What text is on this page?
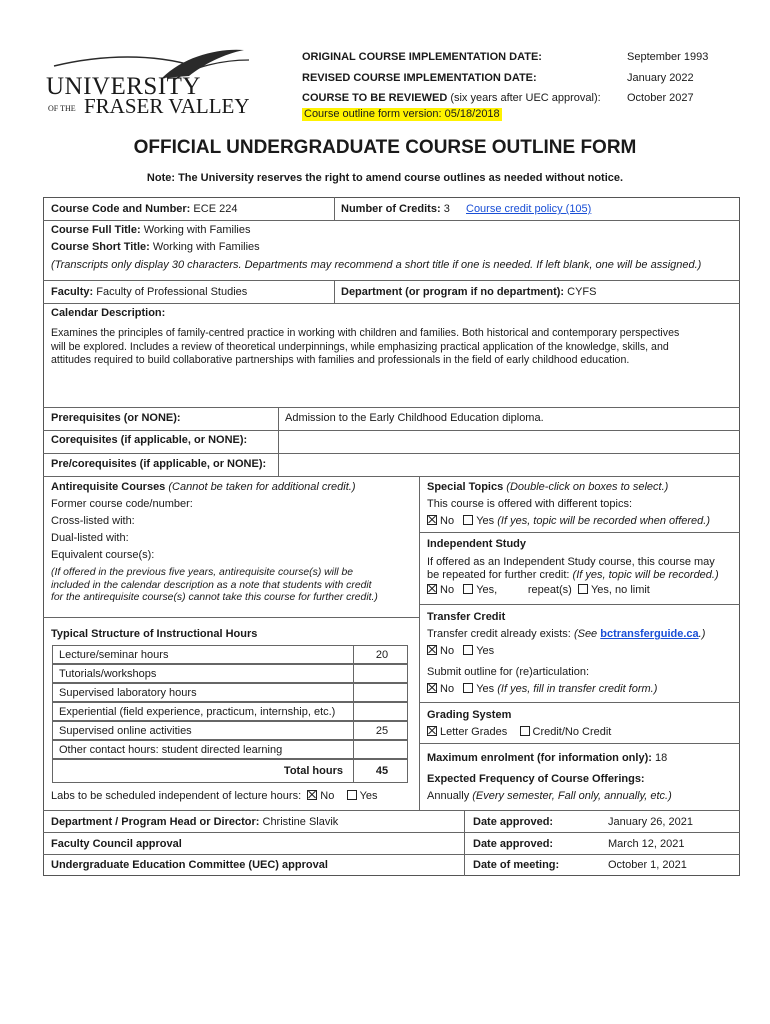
UNIVERSITY
OF THE FRASER VALLEY
ORIGINAL COURSE IMPLEMENTATION DATE:	September 1993
REVISED COURSE IMPLEMENTATION DATE:	January 2022
COURSE TO BE REVIEWED (six years after UEC approval): October 2027
Course outline form version: 05/18/2018
OFFICIAL UNDERGRADUATE COURSE OUTLINE FORM
Note: The University reserves the right to amend course outlines as needed without notice.
Course Code and Number: ECE 224	Number of Credits: 3 Course credit policy (105)
Course Full Title: Working with Families
Course Short Title: Working with Families
(Transcripts only display 30 characters. Departments may recommend a short title if one is needed. If left blank, one will be assigned.)
Faculty: Faculty of Professional Studies	Department (or program if no department): CYFS
Calendar Description:
Examines the principles of family-centred practice in working with children and families. Both historical and contemporary perspectives
will be explored. Includes a review of theoretical underpinnings, while emphasizing practical application of the knowledge, skills, and
attitudes required to build collaborative partnerships with families and professionals in the field of early childhood education.
Prerequisites (or NONE):	Admission to the Early Childhood Education diploma.
Corequisites (if applicable, or NONE):
Pre/corequisites (if applicable, or NONE):
Antirequisite Courses (Cannot be taken for additional credit.)
Former course code/number:
Cross-listed with:
Dual-listed with:
Equivalent course(s):
(If offered in the previous five years, antirequisite course(s) will be
included in the calendar description as a note that students with credit
for the antirequisite course(s) cannot take this course for further credit.)
Typical Structure of Instructional Hours
Lecture/seminar hours	20
Tutorials/workshops
Supervised laboratory hours
Experiential (field experience, practicum, internship, etc.)
Supervised online activities	25
Other contact hours: student directed learning
Total hours	45
Labs to be scheduled independent of lecture hours: No Yes
Special Topics (Double-click on boxes to select.)
This course is offered with different topics:
No Yes (If yes, topic will be recorded when offered.)
Independent Study
If offered as an Independent Study course, this course may
be repeated for further credit: (If yes, topic will be recorded.)
No Yes,	repeat(s) Yes, no limit
Transfer Credit
Transfer credit already exists: (See bctransferguide.ca.)
No Yes
Submit outline for (re)articulation:
No Yes (If yes, fill in transfer credit form.)
Grading System
Letter Grades Credit/No Credit
Maximum enrolment (for information only): 18
Expected Frequency of Course Offerings:
Annually (Every semester, Fall only, annually, etc.)
Department / Program Head or Director: Christine Slavik	Date approved:	January 26, 2021
Faculty Council approval	Date approved:	March 12, 2021
Undergraduate Education Committee (UEC) approval	Date of meeting:	October 1, 2021
